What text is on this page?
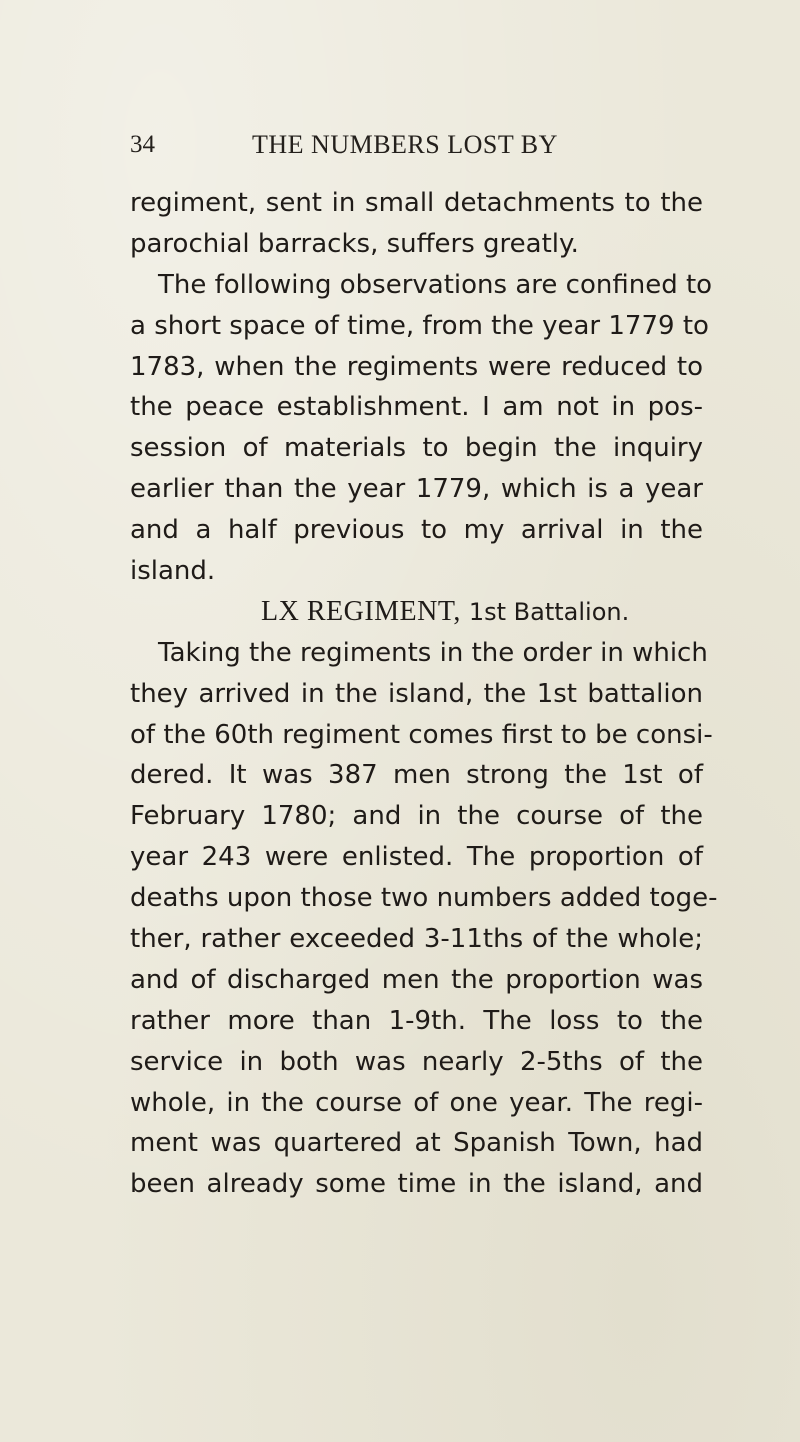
34	THE NUMBERS LOST BY
regiment, sent in small detachments to the
parochial barracks, suffers greatly.
The following observations are confined to
a short space of time, from the year 1779 to
1783, when the regiments were reduced to
the peace establishment. I am not in pos-
session of materials to begin the inquiry
earlier than the year 1779, which is a year
and a half previous to my arrival in the
island.
LX REGIMENT, 1st Battalion.
Taking the regiments in the order in which
they arrived in the island, the 1st battalion
of the 60th regiment comes first to be consi-
dered. It was 387 men strong the 1st of
February 1780; and in the course of the
year 243 were enlisted. The proportion of
deaths upon those two numbers added toge-
ther, rather exceeded 3-11ths of the whole;
and of discharged men the proportion was
rather more than 1-9th. The loss to the
service in both was nearly 2-5ths of the
whole, in the course of one year. The regi-
ment was quartered at Spanish Town, had
been already some time in the island, and
